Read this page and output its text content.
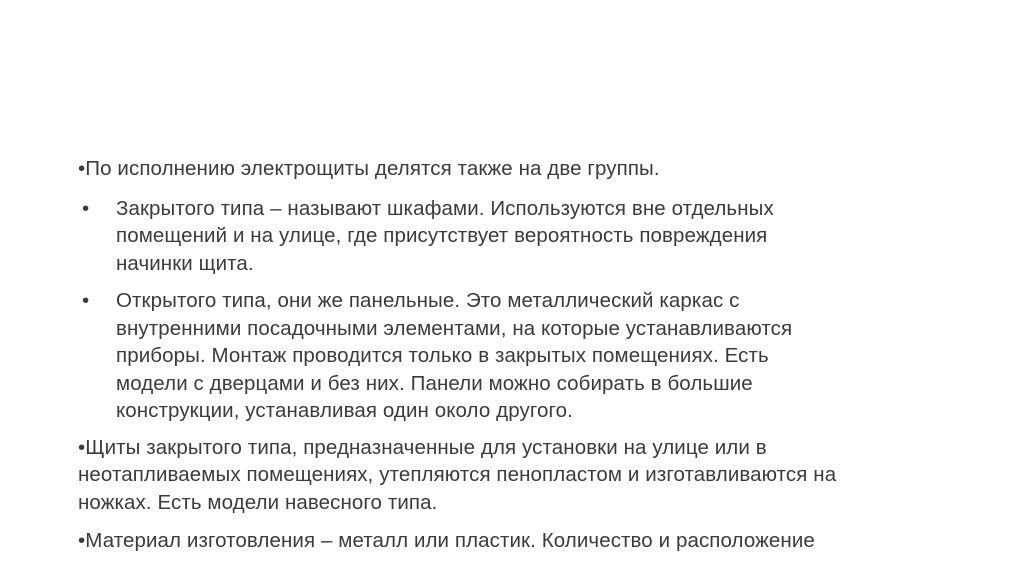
•По исполнению электрощиты делятся также на две группы.

• Закрытого типа – называют шкафами. Используются вне отдельных
помещений и на улице, где присутствует вероятность повреждения
начинки щита.
• Открытого типа, они же панельные. Это металлический каркас с
внутренними посадочными элементами, на которые устанавливаются
приборы. Монтаж проводится только в закрытых помещениях. Есть
модели с дверцами и без них. Панели можно собирать в большие
конструкции, устанавливая один около другого.
•Щиты закрытого типа, предназначенные для установки на улице или в
неотапливаемых помещениях, утепляются пенопластом и изготавливаются на
ножках. Есть модели навесного типа.
•Материал изготовления – металл или пластик. Количество и расположение
